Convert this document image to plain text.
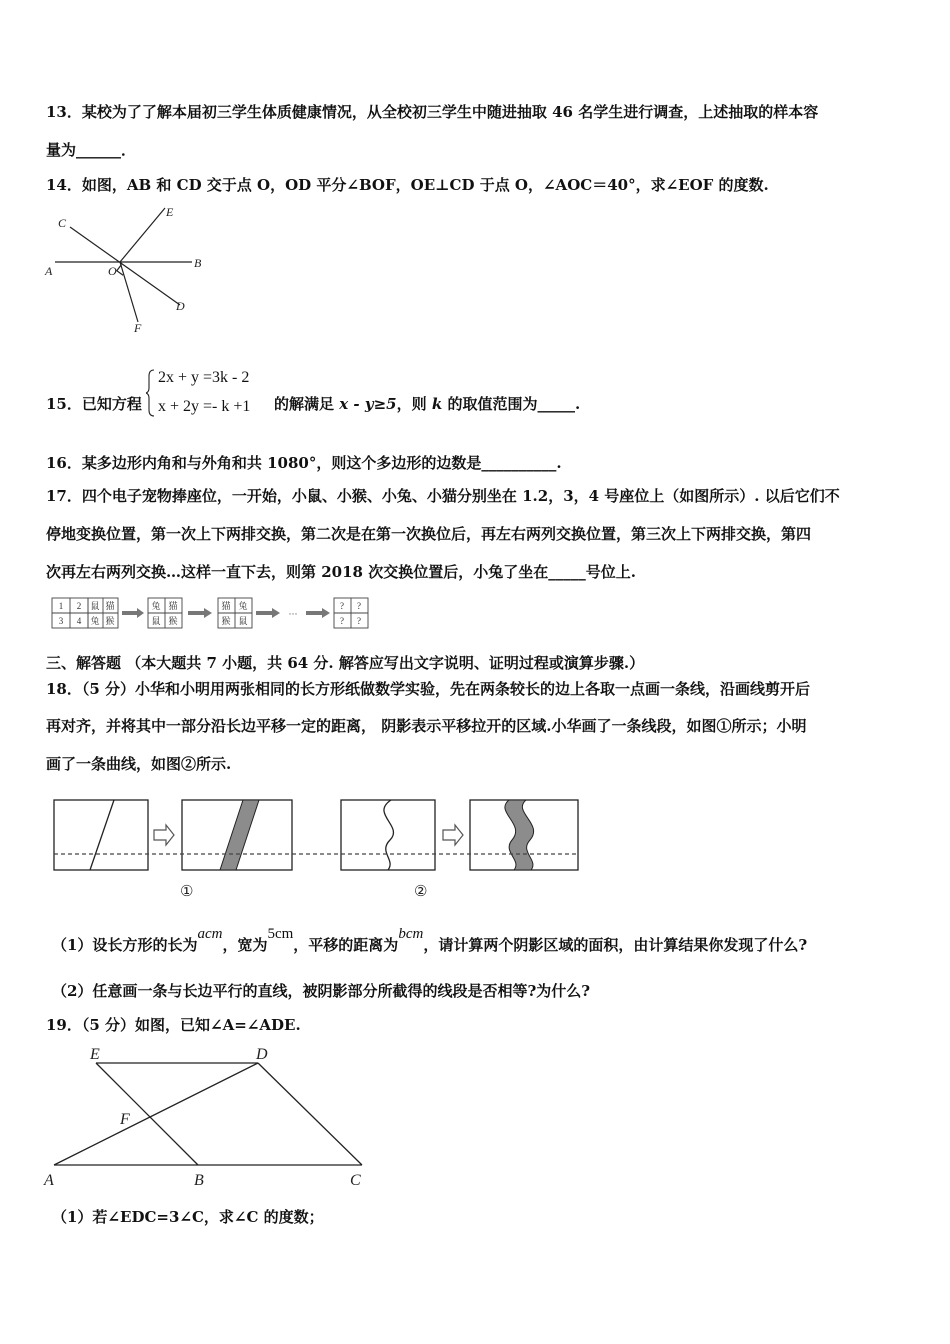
13．某校为了了解本届初三学生体质健康情况，从全校初三学生中随进抽取 46 名学生进行调查，上述抽取的样本容
量为______．
14．如图，AB 和 CD 交于点 O，OD 平分∠BOF，OE⊥CD 于点 O，∠AOC＝40°，求∠EOF 的度数.
A
B
C
D
E
F
O
15．已知方程
2x + y =3k - 2
x + 2y =- k +1 的解满足 x - y≥5，则 k 的取值范围为_____.
16．某多边形内角和与外角和共 1080°，则这个多边形的边数是__________.
17．四个电子宠物捧座位，一开始，小鼠、小猴、小兔、小猫分别坐在 1.2，3，4 号座位上（如图所示）. 以后它们不
停地变换位置，第一次上下两排交换，第二次是在第一次换位后，再左右两列交换位置，第三次上下两排交换，第四
次再左右两列交换…这样一直下去，则第 2018 次交换位置后，小兔了坐在_____号位上.
1 2
3 4
鼠 猫
兔 猴
兔 猫
鼠 猴
猫 兔
猴 鼠
? ?
? ?
···
三、解答题 （本大题共 7 小题，共 64 分. 解答应写出文字说明、证明过程或演算步骤.）
18．（5 分）小华和小明用两张相同的长方形纸做数学实验，先在两条较长的边上各取一点画一条线，沿画线剪开后
再对齐，并将其中一部分沿长边平移一定的距离， 阴影表示平移拉开的区域.小华画了一条线段，如图①所示；小明
画了一条曲线，如图②所示.
①	②
（1）设长方形的长为acm，宽为5cm，平移的距离为bcm，请计算两个阴影区域的面积，由计算结果你发现了什么?
（2）任意画一条与长边平行的直线，被阴影部分所截得的线段是否相等?为什么?
19．（5 分）如图，已知∠A=∠ADE.
E	D
F
A	B	C
（1）若∠EDC=3∠C，求∠C 的度数；
